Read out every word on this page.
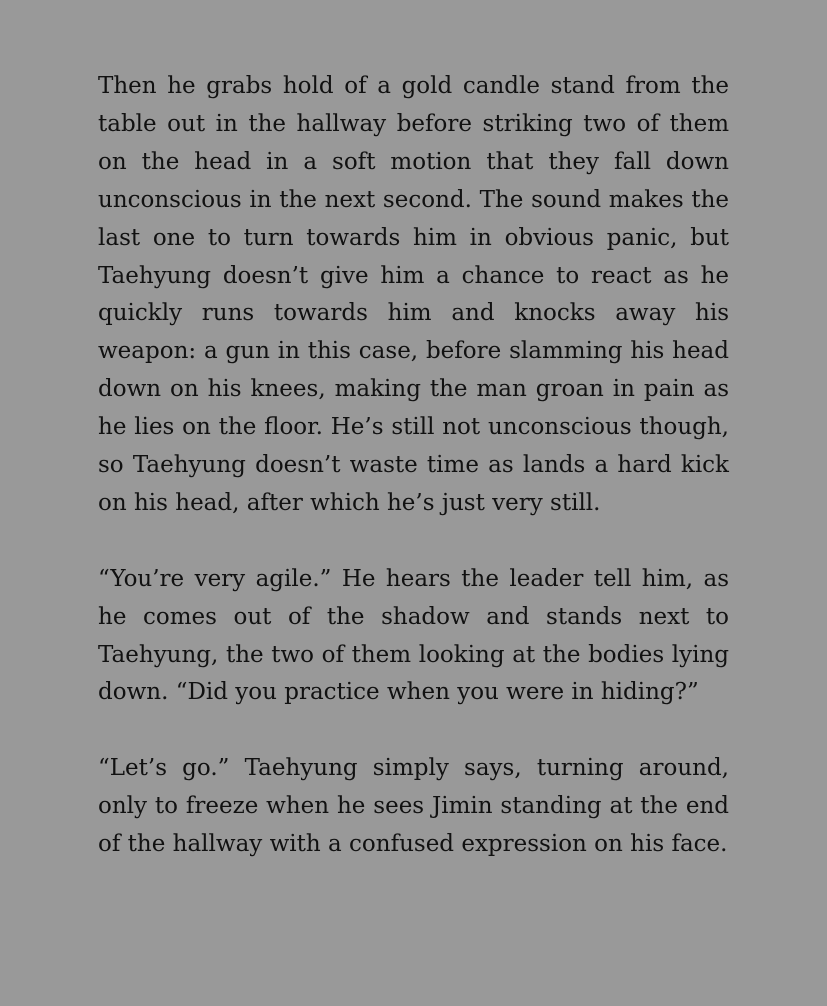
Then he grabs hold of a gold candle stand from the table out in the hallway before striking two of them on the head in a soft motion that they fall down unconscious in the next second. The sound makes the last one to turn towards him in obvious panic, but Taehyung doesn’t give him a chance to react as he quickly runs towards him and knocks away his weapon: a gun in this case, before slamming his head down on his knees, making the man groan in pain as he lies on the floor. He’s still not unconscious though, so Taehyung doesn’t waste time as lands a hard kick on his head, after which he’s just very still.

“You’re very agile.” He hears the leader tell him, as he comes out of the shadow and stands next to Taehyung, the two of them looking at the bodies lying down. “Did you practice when you were in hiding?”

“Let’s go.” Taehyung simply says, turning around, only to freeze when he sees Jimin standing at the end of the hallway with a confused expression on his face.
